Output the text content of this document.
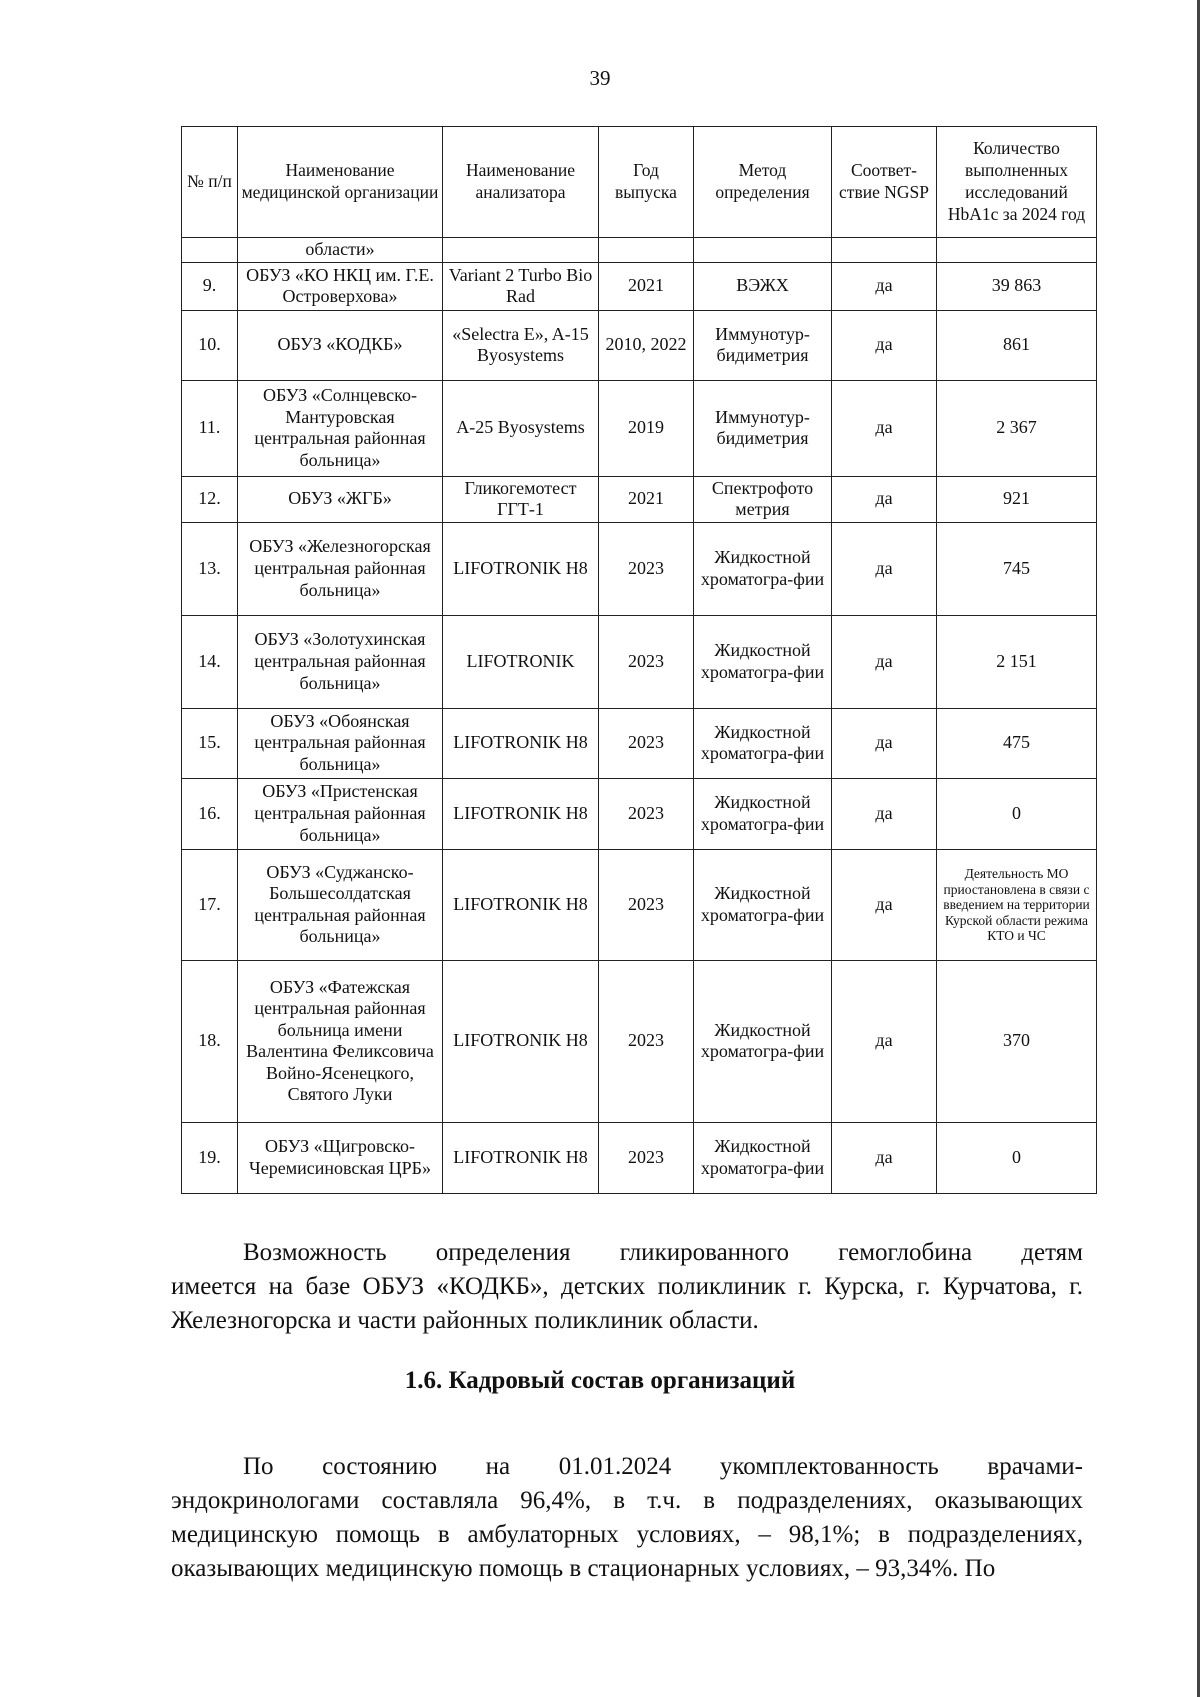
39
№ п/п	Наименование медицинской организации	Наименование анализатора	Год выпуска	Метод определения	Соответ-ствие NGSP	Количество выполненных исследований HbA1c за 2024 год
	области»					
9.	ОБУЗ «КО НКЦ им. Г.Е. Островерхова»	Variant 2 Turbo Bio Rad	2021	ВЭЖХ	да	39 863
10.	ОБУЗ «КОДКБ»	«Selectra E», A-15 Byosystems	2010, 2022	Иммунотур-бидиметрия	да	861
11.	ОБУЗ «Солнцевско-Мантуровская центральная районная больница»	A-25 Byosystems	2019	Иммунотур-бидиметрия	да	2 367
12.	ОБУЗ «ЖГБ»	Гликогемотест ГГТ-1	2021	Спектрофото метрия	да	921
13.	ОБУЗ «Железногорская центральная районная больница»	LIFOTRONIK H8	2023	Жидкостной хроматогра-фии	да	745
14.	ОБУЗ «Золотухинская центральная районная больница»	LIFOTRONIK	2023	Жидкостной хроматогра-фии	да	2 151
15.	ОБУЗ «Обоянская центральная районная больница»	LIFOTRONIK H8	2023	Жидкостной хроматогра-фии	да	475
16.	ОБУЗ «Пристенская центральная районная больница»	LIFOTRONIK H8	2023	Жидкостной хроматогра-фии	да	0
17.	ОБУЗ «Суджанско-Большесолдатская центральная районная больница»	LIFOTRONIK H8	2023	Жидкостной хроматогра-фии	да	Деятельность МО приостановлена в связи с введением на территории Курской области режима КТО и ЧС
18.	ОБУЗ «Фатежская центральная районная больница имени Валентина Феликсовича Войно-Ясенецкого, Святого Луки	LIFOTRONIK H8	2023	Жидкостной хроматогра-фии	да	370
19.	ОБУЗ «Щигровско-Черемисиновская ЦРБ»	LIFOTRONIK H8	2023	Жидкостной хроматогра-фии	да	0
Возможность определения гликированного гемоглобина детям
имеется на базе ОБУЗ «КОДКБ», детских поликлиник г. Курска, г. Курчатова, г. Железногорска и части районных поликлиник области.
1.6. Кадровый состав организаций
По состоянию на 01.01.2024 укомплектованность врачами-
эндокринологами составляла 96,4%, в т.ч. в подразделениях, оказывающих медицинскую помощь в амбулаторных условиях, – 98,1%; в подразделениях, оказывающих медицинскую помощь в стационарных условиях, – 93,34%. По
